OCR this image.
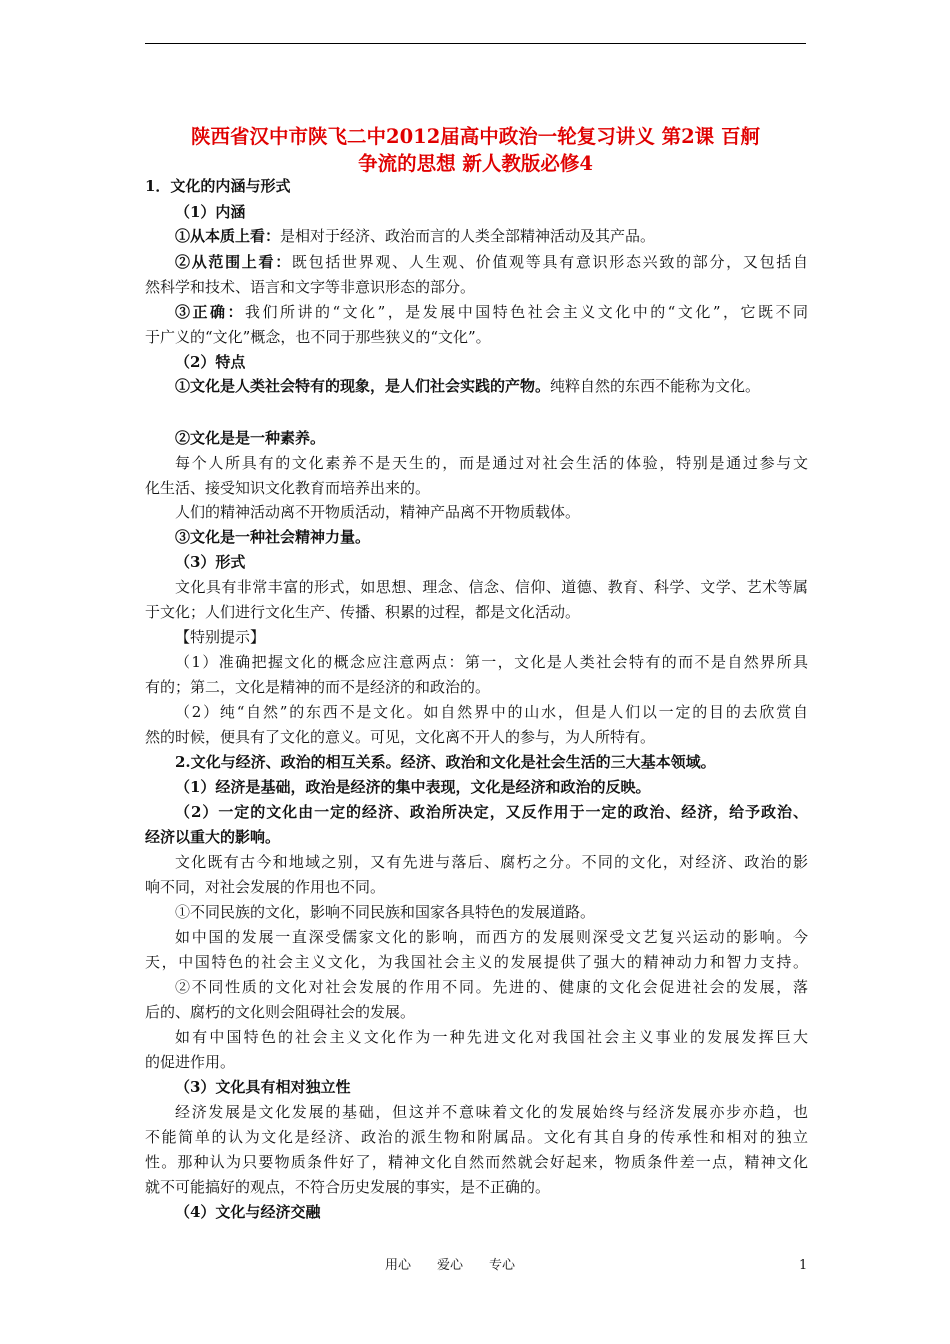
陕西省汉中市陕飞二中2012届高中政治一轮复习讲义 第2课 百舸
争流的思想 新人教版必修4
1．文化的内涵与形式
（1）内涵
①从本质上看：是相对于经济、政治而言的人类全部精神活动及其产品。
②从范围上看：既包括世界观、人生观、价值观等具有意识形态兴致的部分，又包括自
然科学和技术、语言和文字等非意识形态的部分。
③正确：我们所讲的“文化”，是发展中国特色社会主义文化中的“文化”，它既不同
于广义的“文化”概念，也不同于那些狭义的“文化”。
（2）特点
①文化是人类社会特有的现象，是人们社会实践的产物。纯粹自然的东西不能称为文化。
②文化是是一种素养。
每个人所具有的文化素养不是天生的，而是通过对社会生活的体验，特别是通过参与文
化生活、接受知识文化教育而培养出来的。
人们的精神活动离不开物质活动，精神产品离不开物质载体。
③文化是一种社会精神力量。
（3）形式
文化具有非常丰富的形式，如思想、理念、信念、信仰、道德、教育、科学、文学、艺术等属
于文化；人们进行文化生产、传播、积累的过程，都是文化活动。
【特别提示】
（1）准确把握文化的概念应注意两点：第一，文化是人类社会特有的而不是自然界所具
有的；第二，文化是精神的而不是经济的和政治的。
（2）纯“自然”的东西不是文化。如自然界中的山水，但是人们以一定的目的去欣赏自
然的时候，便具有了文化的意义。可见，文化离不开人的参与，为人所特有。
2.文化与经济、政治的相互关系。经济、政治和文化是社会生活的三大基本领域。
（1）经济是基础，政治是经济的集中表现，文化是经济和政治的反映。
（2）一定的文化由一定的经济、政治所决定，又反作用于一定的政治、经济，给予政治、
经济以重大的影响。
文化既有古今和地域之别，又有先进与落后、腐朽之分。不同的文化，对经济、政治的影
响不同，对社会发展的作用也不同。
①不同民族的文化，影响不同民族和国家各具特色的发展道路。
如中国的发展一直深受儒家文化的影响，而西方的发展则深受文艺复兴运动的影响。今
天，中国特色的社会主义文化，为我国社会主义的发展提供了强大的精神动力和智力支持。
②不同性质的文化对社会发展的作用不同。先进的、健康的文化会促进社会的发展，落
后的、腐朽的文化则会阻碍社会的发展。
如有中国特色的社会主义文化作为一种先进文化对我国社会主义事业的发展发挥巨大
的促进作用。
（3）文化具有相对独立性
经济发展是文化发展的基础，但这并不意味着文化的发展始终与经济发展亦步亦趋，也
不能简单的认为文化是经济、政治的派生物和附属品。文化有其自身的传承性和相对的独立
性。那种认为只要物质条件好了，精神文化自然而然就会好起来，物质条件差一点，精神文化
就不可能搞好的观点，不符合历史发展的事实，是不正确的。
（4）文化与经济交融
用心 爱心 专心	1
